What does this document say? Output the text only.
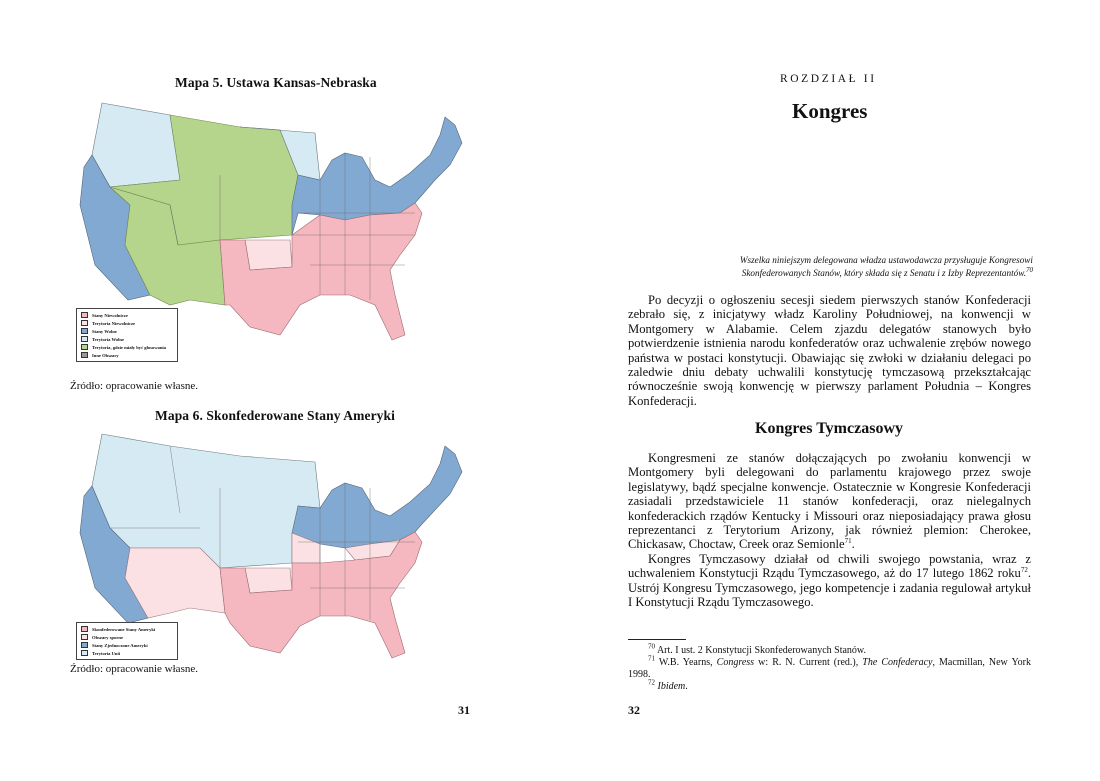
Mapa 5. Ustawa Kansas-Nebraska
Stany Niewolnicze
Terytoria Niewolnicze
Stany Wolne
Terytoria Wolne
Terytoria, gdzie miały być głosowania
Inne Obszary
Źródło: opracowanie własne.
Mapa 6. Skonfederowane Stany Ameryki
Skonfederowane Stany Ameryki
Obszary sporne
Stany Zjednoczone Ameryki
Terytoria Unii
Źródło: opracowanie własne.
31
ROZDZIAŁ II
Kongres
Wszelka niniejszym delegowana władza ustawodawcza przysługuje Kongresowi
Skonfederowanych Stanów, który składa się z Senatu i z Izby Reprezentantów.$^{70}$

Po decyzji o ogłoszeniu secesji siedem pierwszych stanów Konfederacji zebrało się, z inicjatywy władz Karoliny Południowej, na konwencji w Montgomery w Alabamie. Celem zjazdu delegatów stanowych było potwierdzenie istnienia narodu konfederatów oraz uchwalenie zrębów nowego państwa w postaci konstytucji. Obawiając się zwłoki w działaniu delegaci po zaledwie dniu debaty uchwalili konstytucję tymczasową przekształcając równocześnie swoją konwencję w pierwszy parlament Południa – Kongres Konfederacji.

Kongres Tymczasowy

Kongresmeni ze stanów dołączających po zwołaniu konwencji w Montgomery byli delegowani do parlamentu krajowego przez swoje legislatywy, bądź specjalne konwencje. Ostatecznie w Kongresie Konfederacji zasiadali przedstawiciele 11 stanów konfederacji, oraz nielegalnych konfederackich rządów Kentucky i Missouri oraz nieposiadający prawa głosu reprezentanci z Terytorium Arizony, jak również plemion: Cherokee, Chickasaw, Choctaw, Creek oraz Semionle$^{71}$.

Kongres Tymczasowy działał od chwili swojego powstania, wraz z uchwaleniem Konstytucji Rządu Tymczasowego, aż do 17 lutego 1862 roku$^{72}$. Ustrój Kongresu Tymczasowego, jego kompetencje i zadania regulował artykuł I Konstytucji Rządu Tymczasowego.

$^{70}$ Art. I ust. 2 Konstytucji Skonfederowanych Stanów.

$^{71}$ W.B. Yearns, Congress w: R. N. Current (red.), The Confederacy, Macmillan, New York 1998.

$^{72}$ Ibidem.

32
